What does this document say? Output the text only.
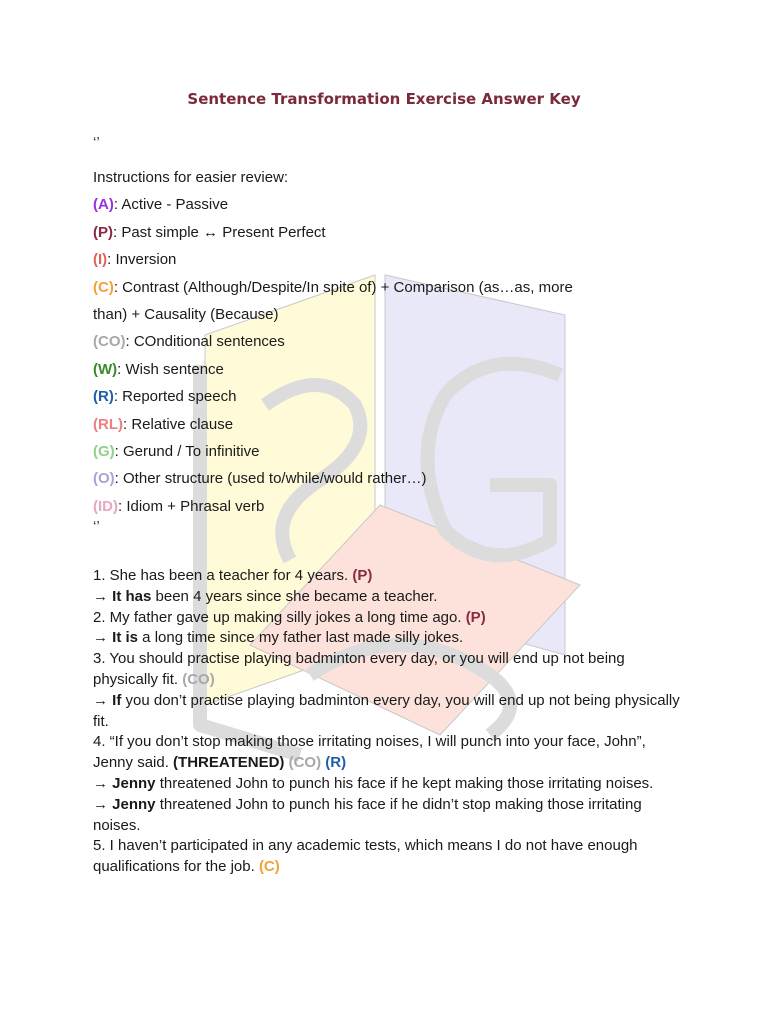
Sentence Transformation Exercise Answer Key
‘’
Instructions for easier review:
(A): Active - Passive
(P): Past simple ↔ Present Perfect
(I): Inversion
(C): Contrast (Although/Despite/In spite of) + Comparison (as…as, more
than) + Causality (Because)
(CO): COnditional sentences
(W): Wish sentence
(R): Reported speech
(RL): Relative clause
(G): Gerund / To infinitive
(O): Other structure (used to/while/would rather…)
(ID): Idiom + Phrasal verb
‘’

1. She has been a teacher for 4 years. (P)

→ It has been 4 years since she became a teacher.

2. My father gave up making silly jokes a long time ago. (P)

→ It is a long time since my father last made silly jokes.

3. You should practise playing badminton every day, or you will end up not being physically fit. (CO)

→ If you don’t practise playing badminton every day, you will end up not being physically fit.

4. “If you don’t stop making those irritating noises, I will punch into your face, John”, Jenny said. (THREATENED) (CO) (R)

→ Jenny threatened John to punch his face if he kept making those irritating noises.

→ Jenny threatened John to punch his face if he didn’t stop making those irritating noises.

5. I haven’t participated in any academic tests, which means I do not have enough qualifications for the job. (C)
